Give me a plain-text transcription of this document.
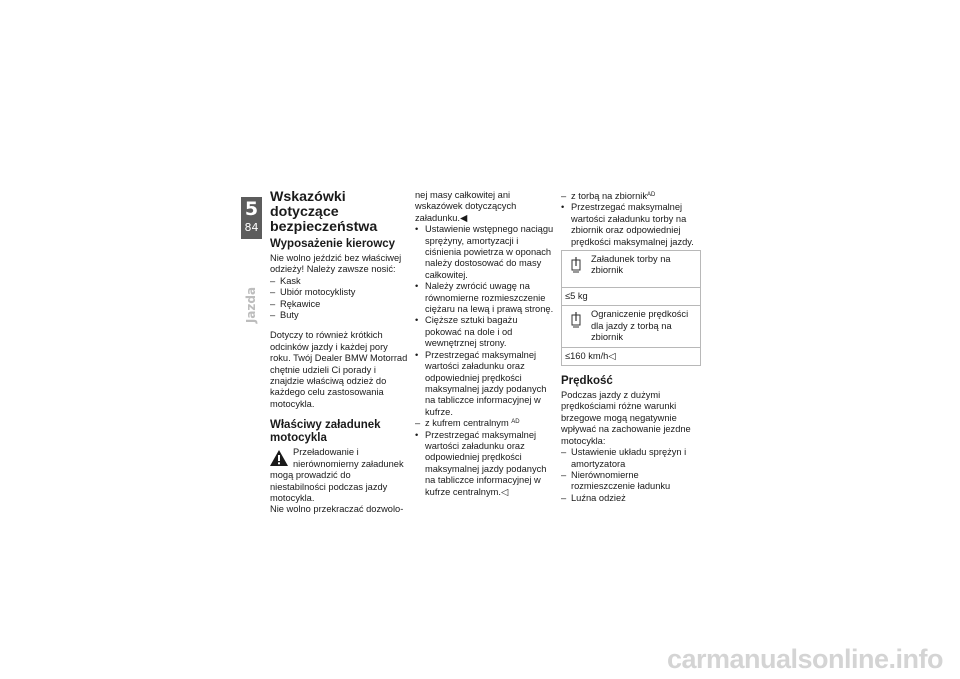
5
84
Jazda
Wskazówki dotyczące bezpieczeństwa
Wyposażenie kierowcy

Nie wolno jeździć bez właściwej odzieży! Należy zawsze nosić:

– Kask
– Ubiór motocyklisty
– Rękawice
– Buty

Dotyczy to również krótkich odcinków jazdy i każdej pory roku. Twój Dealer BMW Motorrad chętnie udzieli Ci porady i znajdzie właściwą odzież do każdego celu zastosowania motocykla.

Właściwy załadunek motocykla
Przeładowanie i nierównomierny załadunek mogą prowadzić do niestabilności podczas jazdy motocykla.

Nie wolno przekraczać dozwolo-

nej masy całkowitej ani wskazówek dotyczących załadunku.◀

• Ustawienie wstępnego naciągu sprężyny, amortyzacji i ciśnienia powietrza w oponach należy dostosować do masy całkowitej.
• Należy zwrócić uwagę na równomierne rozmieszczenie ciężaru na lewą i prawą stronę.
• Cięższe sztuki bagażu pokować na dole i od wewnętrznej strony.
• Przestrzegać maksymalnej wartości załadunku oraz odpowiedniej prędkości maksymalnej jazdy podanych na tabliczce informacyjnej w kufrze.
– z kufrem centralnym $^{AD}$
• Przestrzegać maksymalnej wartości załadunku oraz odpowiedniej prędkości maksymalnej jazdy podanych na tabliczce informacyjnej w kufrze centralnym.◁
– z torbą na zbiornik$^{AD}$
• Przestrzegać maksymalnej wartości załadunku torby na zbiornik oraz odpowiedniej prędkości maksymalnej jazdy.
Załadunek torby na zbiornik
≤5 kg
Ograniczenie prędkości dla jazdy z torbą na zbiornik
≤160 km/h◁
Prędkość

Podczas jazdy z dużymi prędkościami różne warunki brzegowe mogą negatywnie wpływać na zachowanie jezdne motocykla:

– Ustawienie układu sprężyn i amortyzatora
– Nierównomierne rozmieszczenie ładunku
– Luźna odzież
carmanualsonline.info
